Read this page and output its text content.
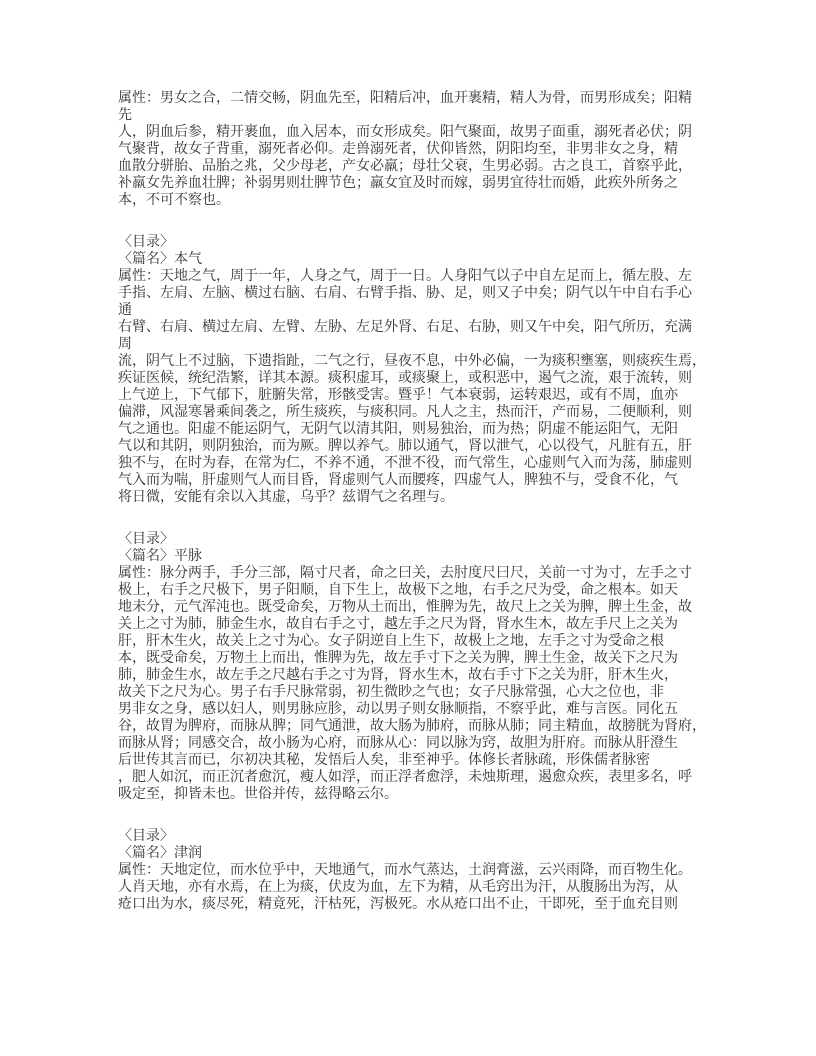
属性：男女之合，二情交畅，阴血先至，阳精后冲，血开裹精，精人为骨，而男形成矣；阳精
先
人，阴血后参，精开裹血，血入居本，而女形成矣。阳气聚面，故男子面重，溺死者必伏；阴
气聚背，故女子背重，溺死者必仰。走兽溺死者，伏仰皆然，阴阳均至，非男非女之身，精
血散分骈胎、品胎之兆，父少母老，产女必羸；母壮父衰，生男必弱。古之良工，首察乎此，
补羸女先养血壮脾；补弱男则壮脾节色；羸女宜及时而嫁，弱男宜待壮而婚，此疾外所务之
本，不可不察也。
〈目录〉
〈篇名〉本气
属性：天地之气，周于一年，人身之气，周于一日。人身阳气以子中自左足而上，循左股、左
手指、左肩、左脑、横过右脑、右肩、右臂手指、胁、足，则又子中矣；阴气以午中自右手心
通
右臂、右肩、横过左肩、左臂、左胁、左足外肾、右足、右胁，则又午中矣，阳气所历，充满
周
流，阴气上不过脑，下遗指趾，二气之行，昼夜不息，中外必偏，一为痰积壅塞，则痰疾生焉，
疾证医候，统纪浩繁，详其本源。痰积虚耳，或痰聚上，或积恶中，遏气之流，艰于流转，则
上气逆上，下气郁下，脏腑失常，形骸受害。暨乎！气本衰弱，运转艰迟，或有不周，血亦
偏滞，风湿寒暑乘间袭之，所生痰疾，与痰积同。凡人之主，热而汗，产而易，二便顺利，则
气之通也。阳虚不能运阴气，无阴气以清其阳，则易独治，而为热；阴虚不能运阳气，无阳
气以和其阴，则阴独治，而为厥。脾以养气。肺以通气，肾以泄气，心以役气，凡脏有五，肝
独不与，在时为春，在常为仁，不养不通，不泄不役，而气常生，心虚则气入而为荡，肺虚则
气入而为喘，肝虚则气人而目昏，肾虚则气人而腰疼，四虚气人，脾独不与，受食不化，气
将日微，安能有余以入其虚，乌乎？兹谓气之名理与。
〈目录〉
〈篇名〉平脉
属性：脉分两手，手分三部，隔寸尺者，命之曰关，去肘度尺曰尺，关前一寸为寸，左手之寸
极上，右手之尺极下，男子阳顺，自下生上，故极下之地，右手之尺为受，命之根本。如天
地未分，元气浑沌也。既受命矣，万物从土而出，惟脾为先，故尺上之关为脾，脾土生金，故
关上之寸为肺，肺金生水，故自右手之寸，越左手之尺为肾，肾水生木，故左手尺上之关为
肝，肝木生火，故关上之寸为心。女子阴逆自上生下，故极上之地，左手之寸为受命之根
本，既受命矣，万物土上而出，惟脾为先，故左手寸下之关为脾，脾土生金，故关下之尺为
肺，肺金生水，故左手之尺越右手之寸为肾，肾水生木，故右手寸下之关为肝，肝木生火，
故关下之尺为心。男子右手尺脉常弱，初生微眇之气也；女子尺脉常强，心大之位也，非
男非女之身，感以妇人，则男脉应胗，动以男子则女脉顺指，不察乎此，难与言医。同化五
谷，故胃为脾府，而脉从脾；同气通泄，故大肠为肺府，而脉从肺；同主精血，故膀胱为肾府，
而脉从肾；同感交合，故小肠为心府，而脉从心：同以脉为窍，故胆为肝府。而脉从肝澄生
后世传其言而已，尔初决其秘，发悟后人矣，非至神乎。体修长者脉疏，形侏儒者脉密
，肥人如沉，而正沉者愈沉，瘦人如浮，而正浮者愈浮，未烛斯理，遏愈众疾，表里多名，呼
吸定至，抑皆未也。世俗并传，兹得略云尔。
〈目录〉
〈篇名〉津润
属性：天地定位，而水位乎中，天地通气，而水气蒸达，土润膏滋，云兴雨降，而百物生化。
人肖天地，亦有水焉，在上为痰，伏皮为血，左下为精，从毛窍出为汗，从腹肠出为泻，从
疮口出为水，痰尽死，精竟死，汗枯死，泻极死。水从疮口出不止，干即死，至于血充目则
